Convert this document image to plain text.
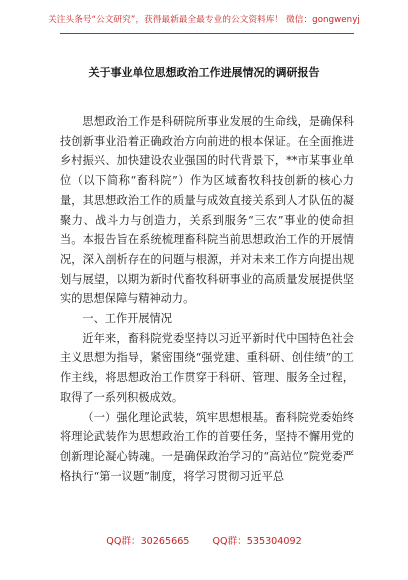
关注头条号“公文研究”，获得最新最全最专业的公文资料库！ 微信：gongwenyj
关于事业单位思想政治工作进展情况的调研报告

思想政治工作是科研院所事业发展的生命线，是确保科技创新事业沿着正确政治方向前进的根本保证。在全面推进乡村振兴、加快建设农业强国的时代背景下，**市某事业单位（以下简称“畜科院”）作为区域畜牧科技创新的核心力量，其思想政治工作的质量与成效直接关系到人才队伍的凝聚力、战斗力与创造力，关系到服务“三农”事业的使命担当。本报告旨在系统梳理畜科院当前思想政治工作的开展情况，深入剖析存在的问题与根源，并对未来工作方向提出规划与展望，以期为新时代畜牧科研事业的高质量发展提供坚实的思想保障与精神动力。

一、工作开展情况

近年来，畜科院党委坚持以习近平新时代中国特色社会主义思想为指导，紧密围绕“强党建、重科研、创佳绩”的工作主线，将思想政治工作贯穿于科研、管理、服务全过程，取得了一系列积极成效。

（一）强化理论武装，筑牢思想根基。畜科院党委始终将理论武装作为思想政治工作的首要任务，坚持不懈用党的创新理论凝心铸魂。一是确保政治学习的“高站位”院党委严格执行“第一议题”制度，将学习贯彻习近平总

QQ群：30265665 QQ群：535304092
